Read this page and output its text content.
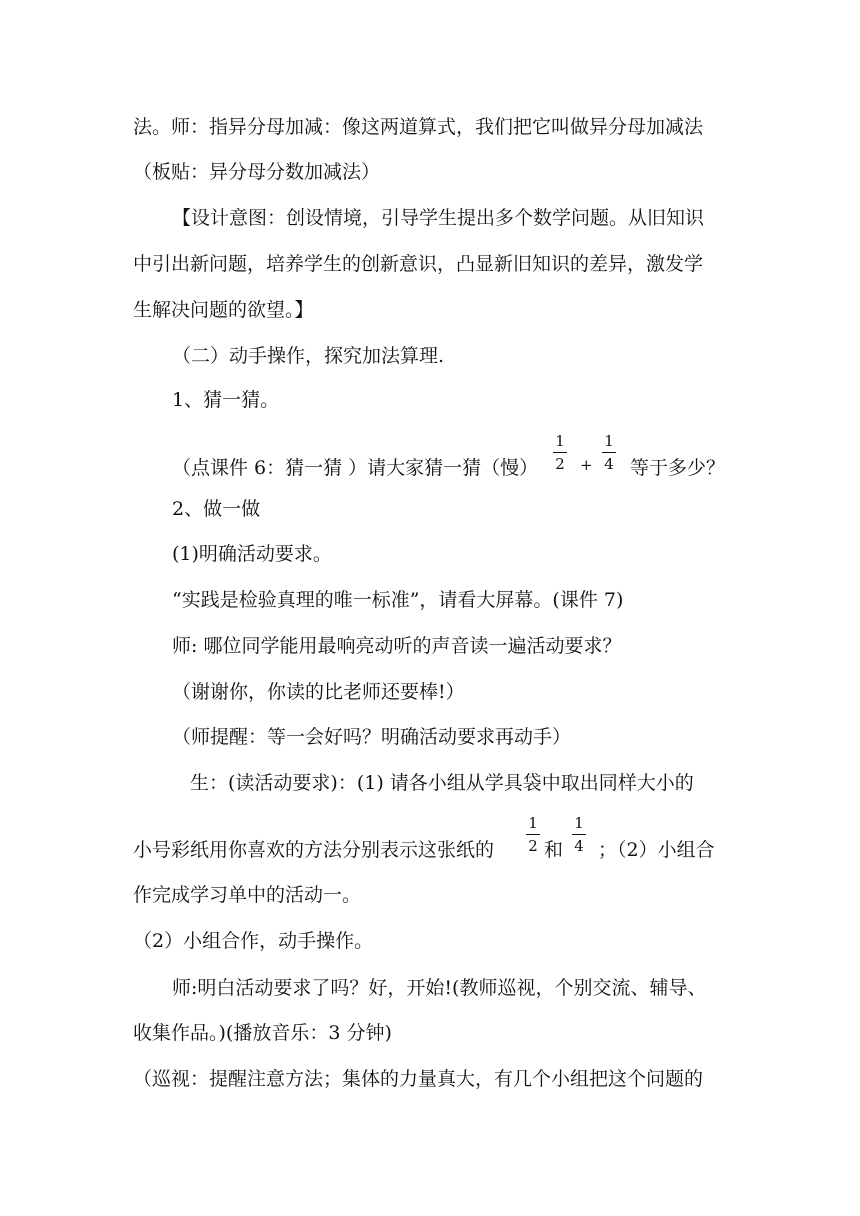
法。师：指异分母加减：像这两道算式，我们把它叫做异分母加减法
（板贴：异分母分数加减法）
【设计意图：创设情境，引导学生提出多个数学问题。从旧知识
中引出新问题，培养学生的创新意识，凸显新旧知识的差异，激发学
生解决问题的欲望。】
（二）动手操作，探究加法算理.
1、猜一猜。
（点课件 6：猜一猜 ）请大家猜一猜（慢）
1
2 +
1
4 等于多少？
2、做一做
(1)明确活动要求。
“实践是检验真理的唯一标准”，请看大屏幕。(课件 7)
师: 哪位同学能用最响亮动听的声音读一遍活动要求？
（谢谢你，你读的比老师还要棒!）
（师提醒：等一会好吗？明确活动要求再动手）
生：(读活动要求)：(1) 请各小组从学具袋中取出同样大小的
小号彩纸用你喜欢的方法分别表示这张纸的
1
2 和
1
4 ；（2）小组合
作完成学习单中的活动一。
（2）小组合作，动手操作。
师:明白活动要求了吗？好，开始!(教师巡视，个别交流、辅导、
收集作品。)(播放音乐：3 分钟)
（巡视：提醒注意方法；集体的力量真大，有几个小组把这个问题的
